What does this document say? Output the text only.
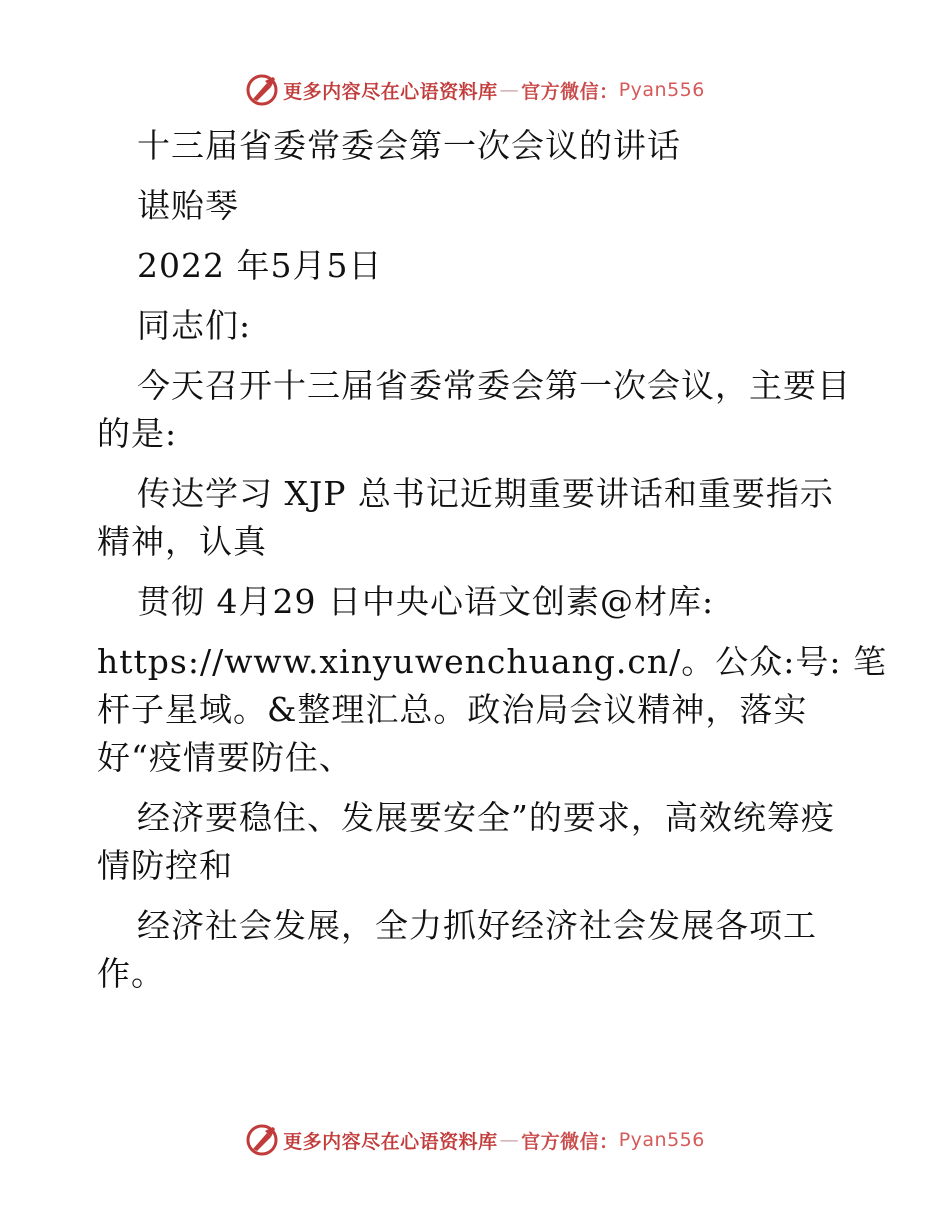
更多内容尽在心语资料库 — 官方微信： Pyan556
十三届省委常委会第一次会议的讲话
谌贻琴
2022 年5月5日
同志们:
今天召开十三届省委常委会第一次会议，主要目
的是:
传达学习 XJP 总书记近期重要讲话和重要指示
精神，认真
贯彻 4月29 日中央心语文创素@材库:
https://www.xinyuwenchuang.cn/。公众:号: 笔
杆子星域。&整理汇总。政治局会议精神，落实
好“疫情要防住、
经济要稳住、发展要安全”的要求，高效统筹疫
情防控和
经济社会发展，全力抓好经济社会发展各项工
作。
更多内容尽在心语资料库 — 官方微信： Pyan556
